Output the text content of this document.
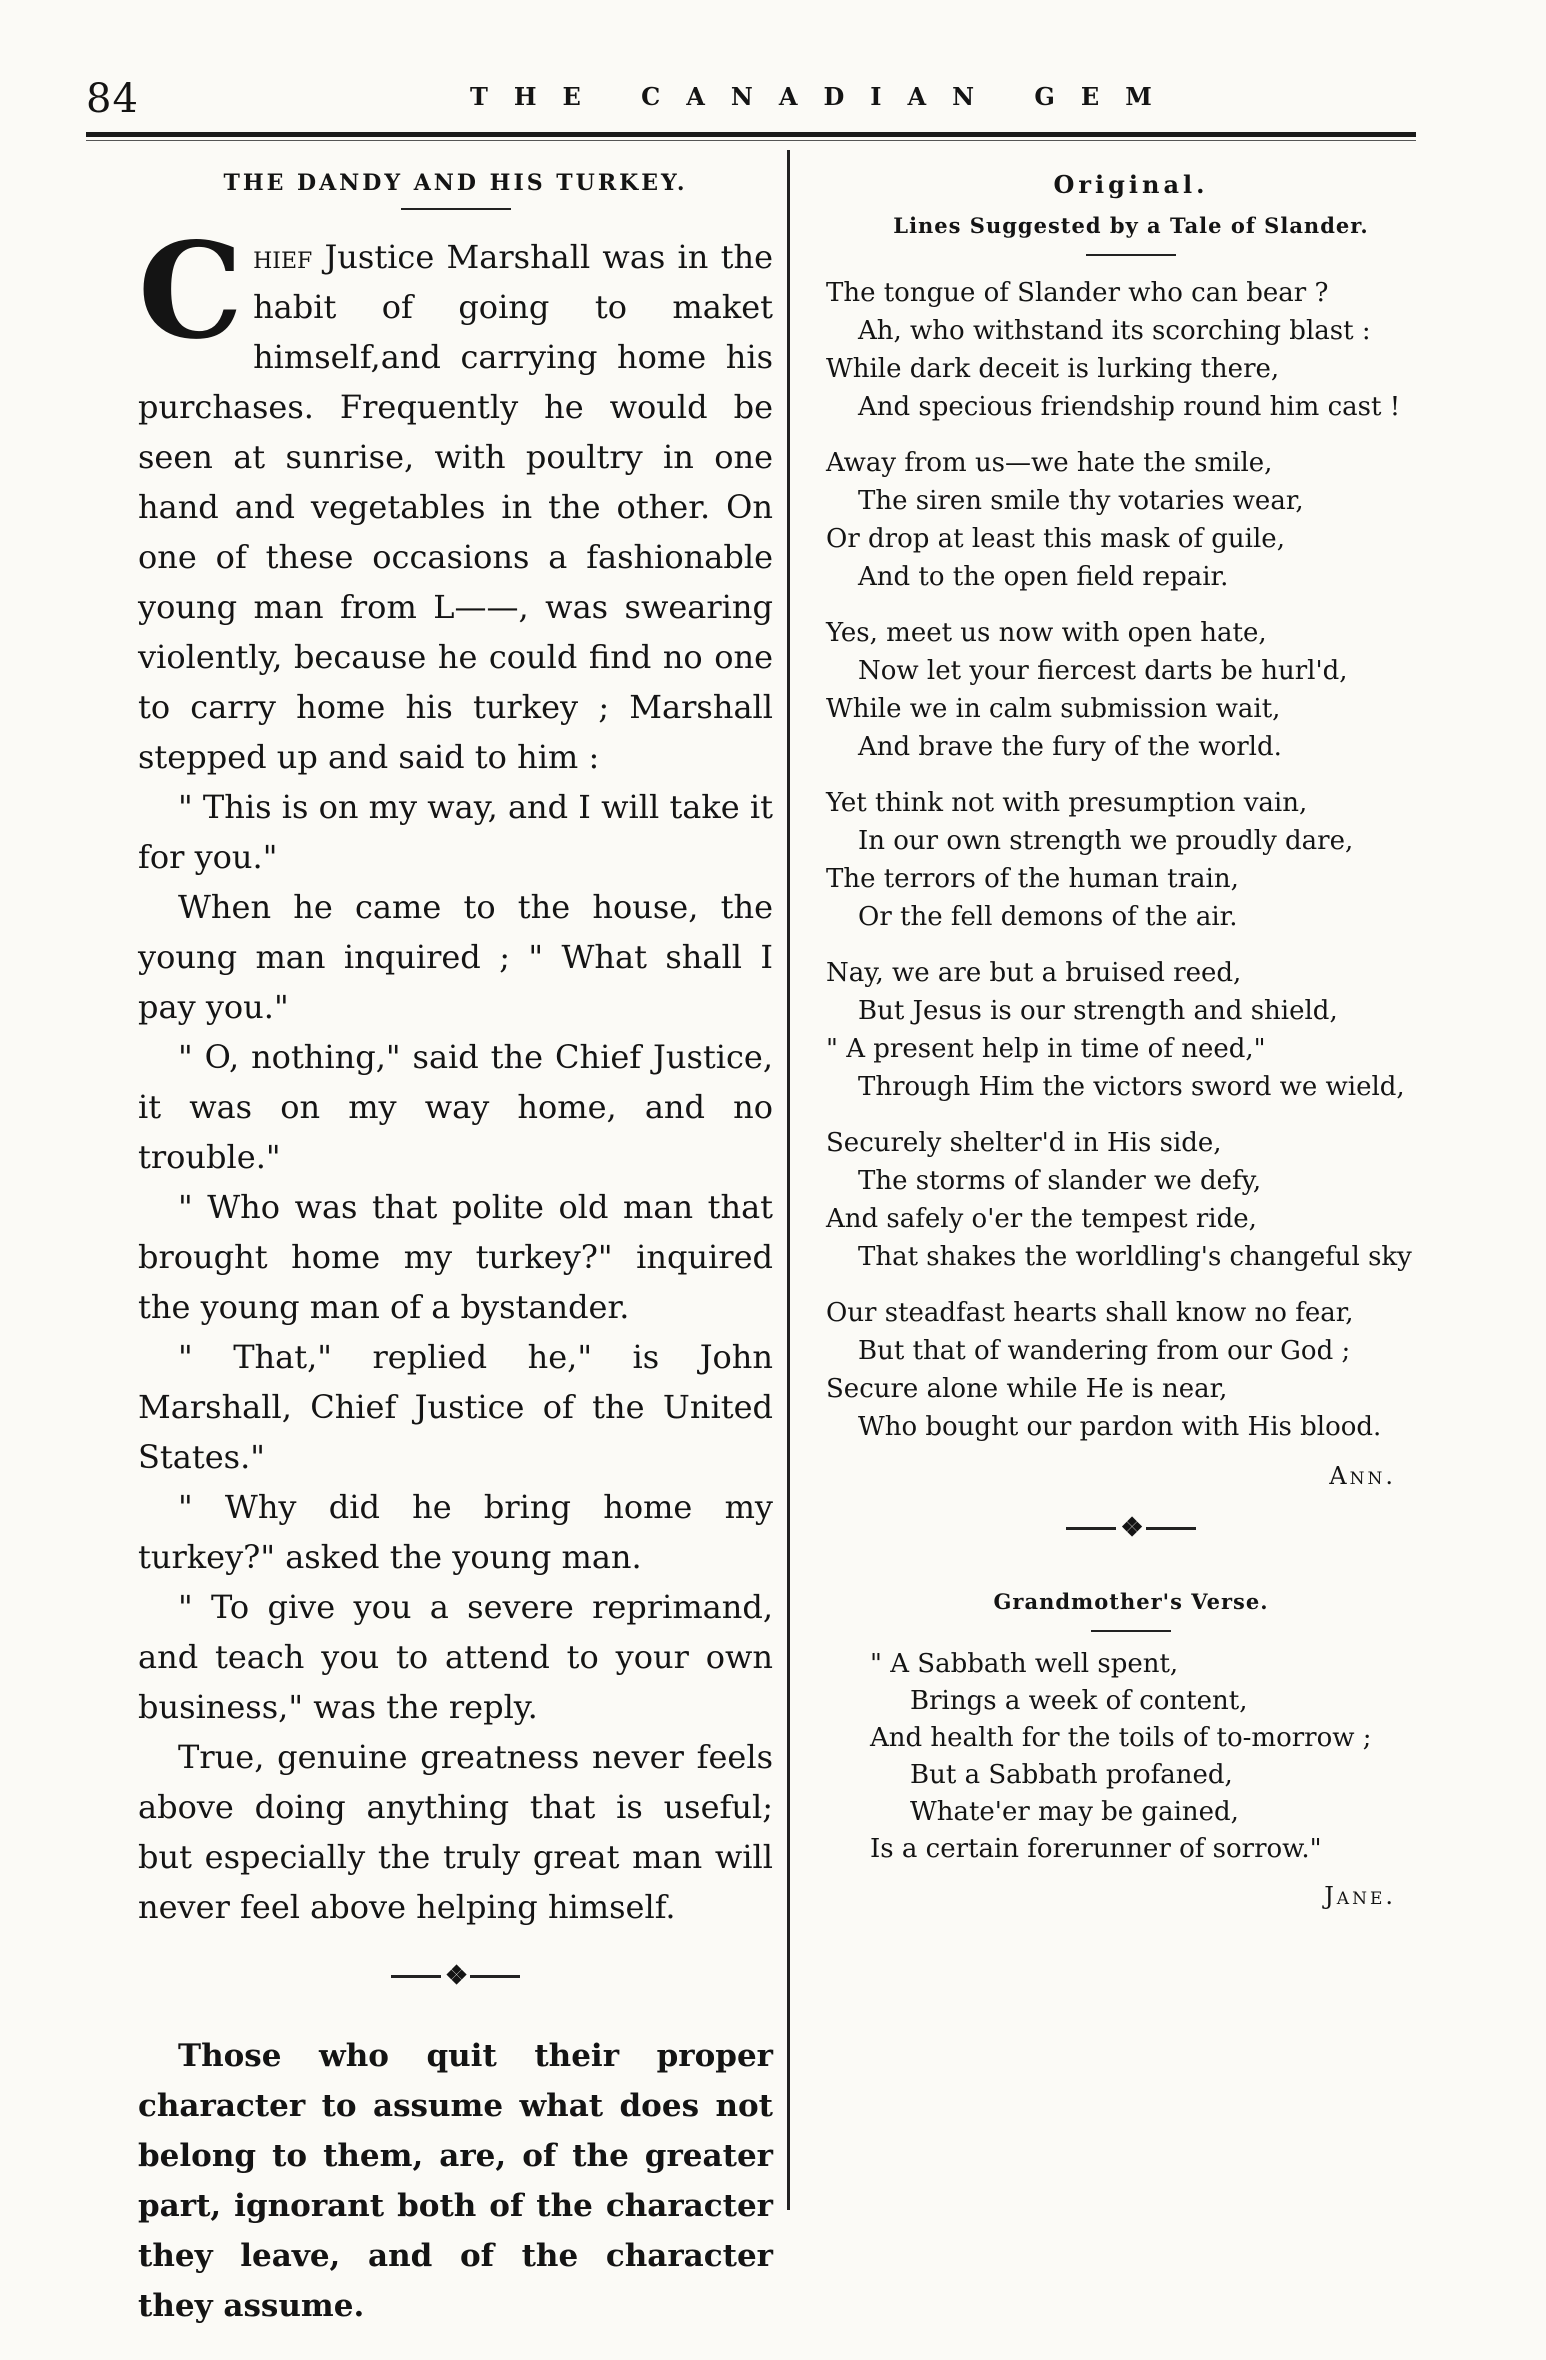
84	THE CANADIAN GEM
THE DANDY AND HIS TURKEY.

Chief Justice Marshall was in the habit of going to maket himself,and carrying home his purchases. Frequently he would be seen at sunrise, with poultry in one hand and vegetables in the other. On one of these occasions a fashionable young man from L——, was swearing violently, because he could find no one to carry home his turkey ; Marshall stepped up and said to him :

" This is on my way, and I will take it for you."

When he came to the house, the young man inquired ; " What shall I pay you."

" O, nothing," said the Chief Justice, it was on my way home, and no trouble."

" Who was that polite old man that brought home my turkey?" inquired the young man of a bystander.

" That," replied he," is John Marshall, Chief Justice of the United States."

" Why did he bring home my turkey?" asked the young man.

" To give you a severe reprimand, and teach you to attend to your own business," was the reply.

True, genuine greatness never feels above doing anything that is useful; but especially the truly great man will never feel above helping himself.

❖

Those who quit their proper character to assume what does not belong to them, are, of the greater part, ignorant both of the character they leave, and of the character they assume.

Original.
Lines Suggested by a Tale of Slander.
The tongue of Slander who can bear ?
Ah, who withstand its scorching blast :
While dark deceit is lurking there,
And specious friendship round him cast !
Away from us—we hate the smile,
The siren smile thy votaries wear,
Or drop at least this mask of guile,
And to the open field repair.
Yes, meet us now with open hate,
Now let your fiercest darts be hurl'd,
While we in calm submission wait,
And brave the fury of the world.
Yet think not with presumption vain,
In our own strength we proudly dare,
The terrors of the human train,
Or the fell demons of the air.
Nay, we are but a bruised reed,
But Jesus is our strength and shield,
" A present help in time of need,"
Through Him the victors sword we wield,
Securely shelter'd in His side,
The storms of slander we defy,
And safely o'er the tempest ride,
That shakes the worldling's changeful sky
Our steadfast hearts shall know no fear,
But that of wandering from our God ;
Secure alone while He is near,
Who bought our pardon with His blood.
Ann.
❖
Grandmother's Verse.
" A Sabbath well spent,
Brings a week of content,
And health for the toils of to-morrow ;
But a Sabbath profaned,
Whate'er may be gained,
Is a certain forerunner of sorrow."
Jane.
